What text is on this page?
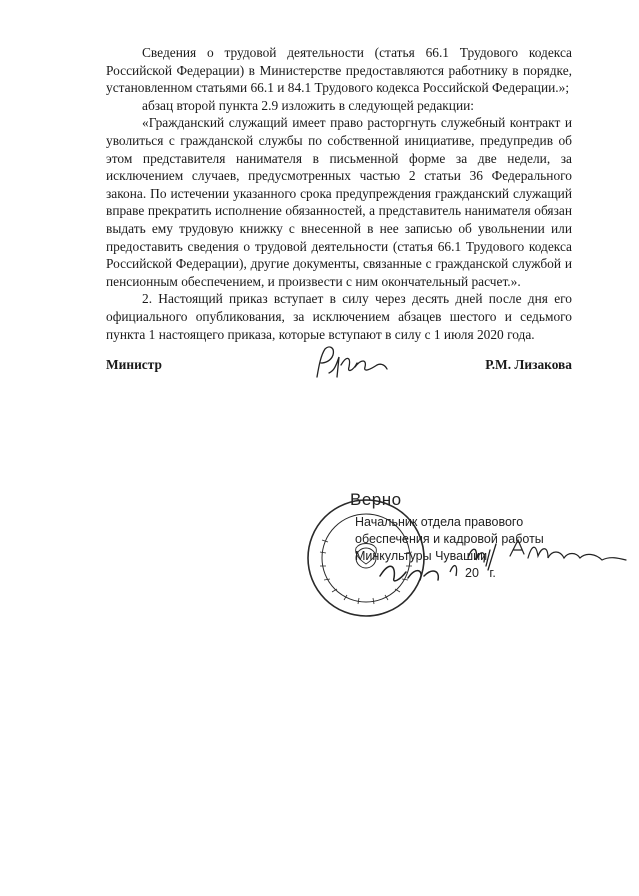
Сведения о трудовой деятельности (статья 66.1 Трудового кодекса Российской Федерации) в Министерстве предоставляются работнику в порядке, установленном статьями 66.1 и 84.1 Трудового кодекса Российской Федерации.»;

абзац второй пункта 2.9 изложить в следующей редакции:

«Гражданский служащий имеет право расторгнуть служебный контракт и уволиться с гражданской службы по собственной инициативе, предупредив об этом представителя нанимателя в письменной форме за две недели, за исключением случаев, предусмотренных частью 2 статьи 36 Федерального закона. По истечении указанного срока предупреждения гражданский служащий вправе прекратить исполнение обязанностей, а представитель нанимателя обязан выдать ему трудовую книжку с внесенной в нее записью об увольнении или предоставить сведения о трудовой деятельности (статья 66.1 Трудового кодекса Российской Федерации), другие документы, связанные с гражданской службой и пенсионным обеспечением, и произвести с ним окончательный расчет.».

2. Настоящий приказ вступает в силу через десять дней после дня его официального опубликования, за исключением абзацев шестого и седьмого пункта 1 настоящего приказа, которые вступают в силу с 1 июля 2020 года.

Министр	Р.М. Лизакова
Верно
Начальник отдела правового
обеспечения и кадровой работы
Минкультуры Чувашии
20 г.
